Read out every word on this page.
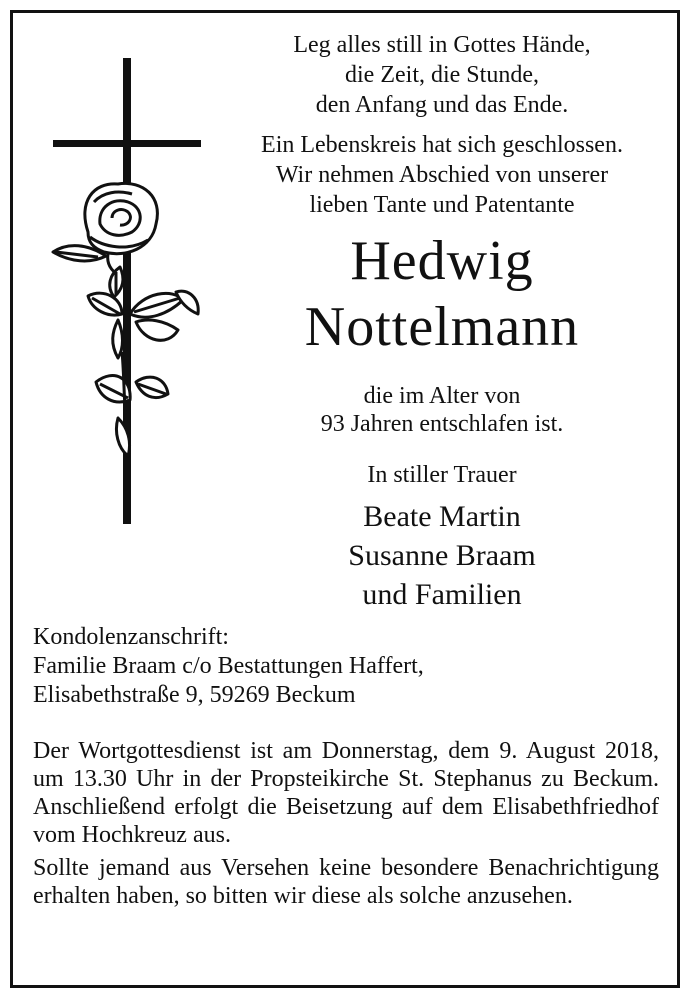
Leg alles still in Gottes Hände,
die Zeit, die Stunde,
den Anfang und das Ende.
Ein Lebenskreis hat sich geschlossen.
Wir nehmen Abschied von unserer
lieben Tante und Patentante
Hedwig
Nottelmann
die im Alter von
93 Jahren entschlafen ist.
In stiller Trauer
Beate Martin
Susanne Braam
und Familien
Kondolenzanschrift:
Familie Braam c/o Bestattungen Haffert,
Elisabethstraße 9, 59269 Beckum

Der Wortgottesdienst ist am Donnerstag, dem 9. August 2018, um 13.30 Uhr in der Propsteikirche St. Stephanus zu Beckum. Anschließend erfolgt die Beisetzung auf dem Elisabethfriedhof vom Hochkreuz aus.

Sollte jemand aus Versehen keine besondere Benachrichtigung erhalten haben, so bitten wir diese als solche anzusehen.
